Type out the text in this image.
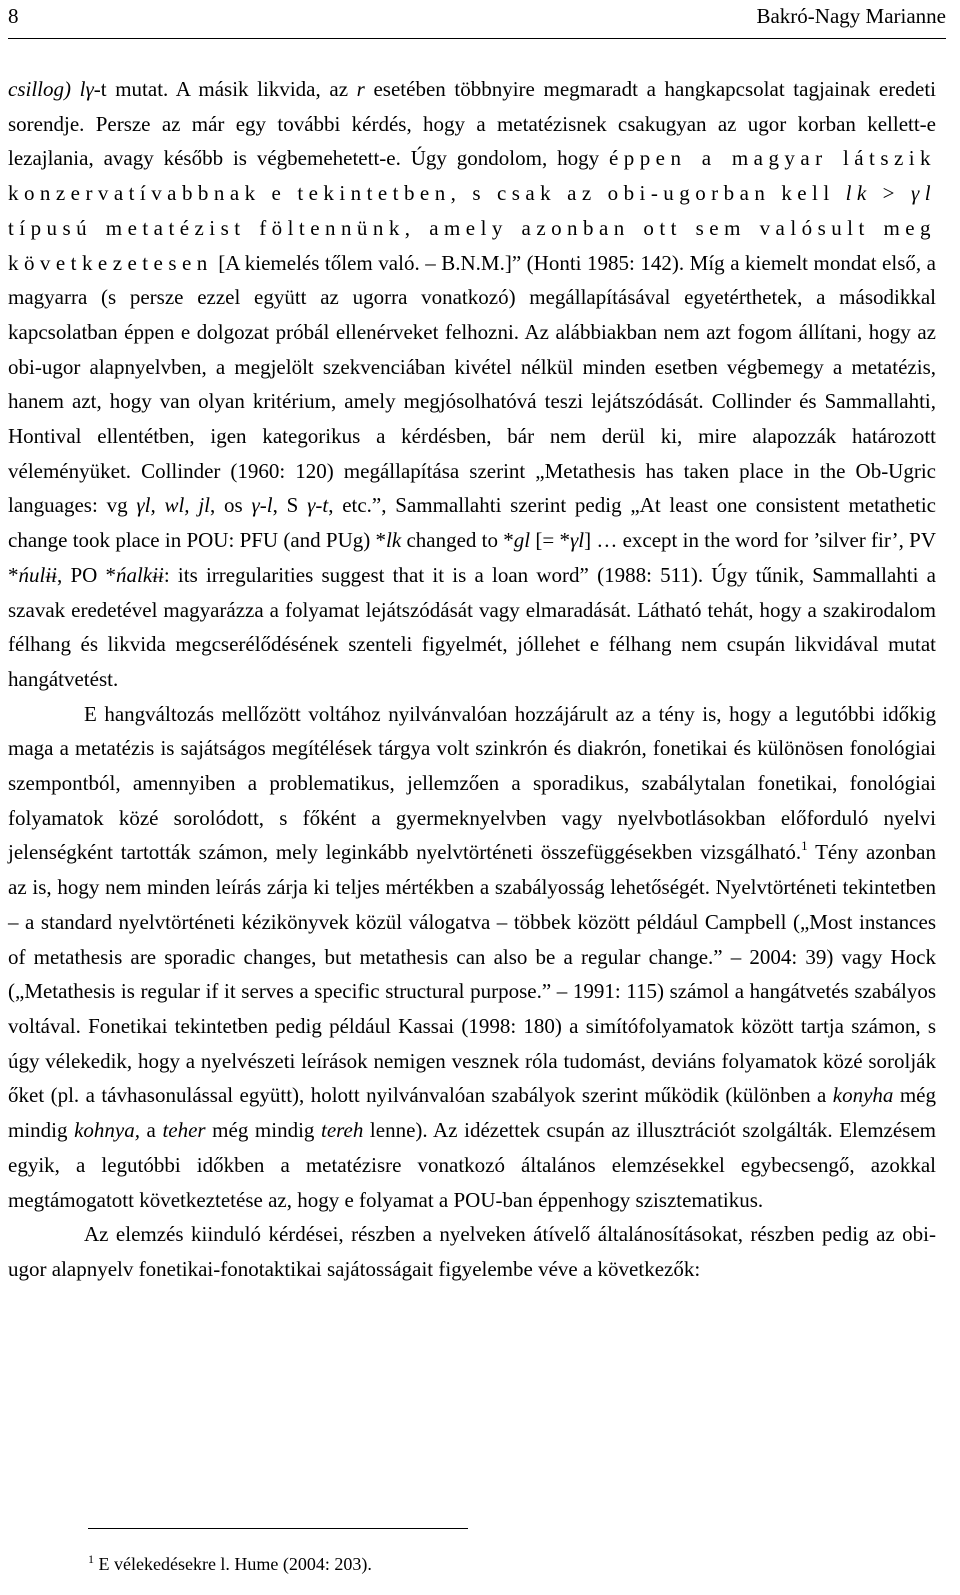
8	Bakró-Nagy Marianne

csillog) lγ-t mutat. A másik likvida, az r esetében többnyire megmaradt a hangkapcsolat tagjainak eredeti sorendje. Persze az már egy további kérdés, hogy a metatézisnek csakugyan az ugor korban kellett-e lezajlania, avagy később is végbemehetett-e. Úgy gondolom, hogy éppen a magyar látszik konzervatívabbnak e tekintetben, s csak az obi-ugorban kell lk > γl típusú metatézist föltennünk, amely azonban ott sem valósult meg következetesen [A kiemelés tőlem való. – B.N.M.]” (Honti 1985: 142). Míg a kiemelt mondat első, a magyarra (s persze ezzel együtt az ugorra vonatkozó) megállapításával egyetérthetek, a másodikkal kapcsolatban éppen e dolgozat próbál ellenérveket felhozni. Az alábbiakban nem azt fogom állítani, hogy az obi-ugor alapnyelvben, a megjelölt szekvenciában kivétel nélkül minden esetben végbemegy a metatézis, hanem azt, hogy van olyan kritérium, amely megjósolhatóvá teszi lejátszódását. Collinder és Sammallahti, Hontival ellentétben, igen kategorikus a kérdésben, bár nem derül ki, mire alapozzák határozott véleményüket. Collinder (1960: 120) megállapítása szerint „Metathesis has taken place in the Ob-Ugric languages: vg γl, wl, jl, os γ-l, S γ-t, etc.”, Sammallahti szerint pedig „At least one consistent metathetic change took place in POU: PFU (and PUg) *lk changed to *gl [= *γl] … except in the word for ’silver fir’, PV *ńulɨɨ, PO *ńalkɨɨ: its irregularities suggest that it is a loan word” (1988: 511). Úgy tűnik, Sammallahti a szavak eredetével magyarázza a folyamat lejátszódását vagy elmaradását. Látható tehát, hogy a szakirodalom félhang és likvida megcserélődésének szenteli figyelmét, jóllehet e félhang nem csupán likvidával mutat hangátvetést.

E hangváltozás mellőzött voltához nyilvánvalóan hozzájárult az a tény is, hogy a legutóbbi időkig maga a metatézis is sajátságos megítélések tárgya volt szinkrón és diakrón, fonetikai és különösen fonológiai szempontból, amennyiben a problematikus, jellemzően a sporadikus, szabálytalan fonetikai, fonológiai folyamatok közé sorolódott, s főként a gyermeknyelvben vagy nyelvbotlásokban előforduló nyelvi jelenségként tartották számon, mely leginkább nyelvtörténeti összefüggésekben vizsgálható.$^1$ Tény azonban az is, hogy nem minden leírás zárja ki teljes mértékben a szabályosság lehetőségét. Nyelvtörténeti tekintetben – a standard nyelvtörténeti kézikönyvek közül válogatva – többek között például Campbell („Most instances of metathesis are sporadic changes, but metathesis can also be a regular change.” – 2004: 39) vagy Hock („Metathesis is regular if it serves a specific structural purpose.” – 1991: 115) számol a hangátvetés szabályos voltával. Fonetikai tekintetben pedig például Kassai (1998: 180) a simítófolyamatok között tartja számon, s úgy vélekedik, hogy a nyelvészeti leírások nemigen vesznek róla tudomást, deviáns folyamatok közé sorolják őket (pl. a távhasonulással együtt), holott nyilvánvalóan szabályok szerint működik (különben a konyha még mindig kohnya, a teher még mindig tereh lenne). Az idézettek csupán az illusztrációt szolgálták. Elemzésem egyik, a legutóbbi időkben a metatézisre vonatkozó általános elemzésekkel egybecsengő, azokkal megtámogatott következtetése az, hogy e folyamat a POU-ban éppenhogy szisztematikus.

Az elemzés kiinduló kérdései, részben a nyelveken átívelő általánosításokat, részben pedig az obi-ugor alapnyelv fonetikai-fonotaktikai sajátosságait figyelembe véve a következők:

$^1$ E vélekedésekre l. Hume (2004: 203).
